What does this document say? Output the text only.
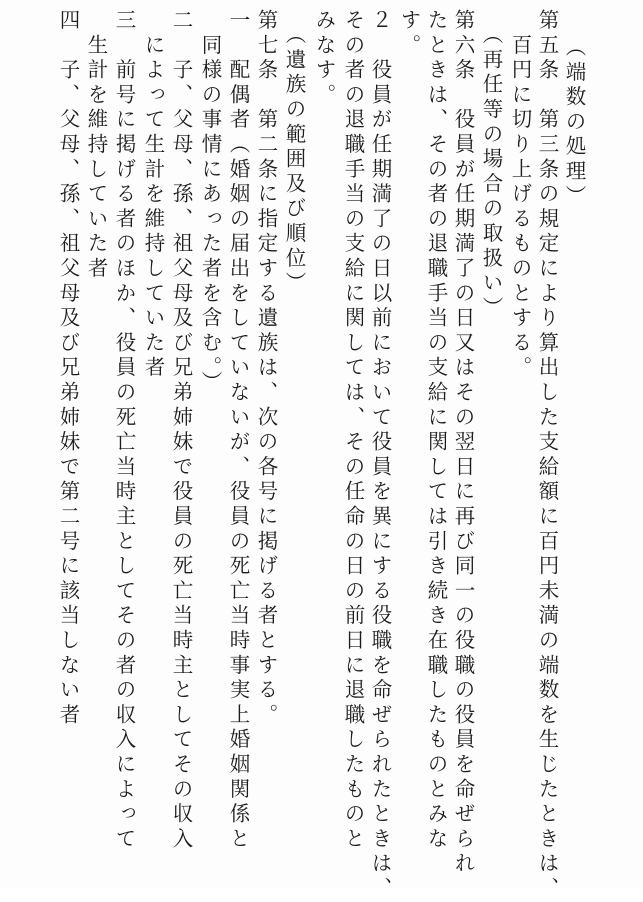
（端数の処理）
第五条　第三条の規定により算出した支給額に百円未満の端数を生じたときは、
　百円に切り上げるものとする。
　（再任等の場合の取扱い）
第六条　役員が任期満了の日又はその翌日に再び同一の役職の役員を命ぜられ
たときは、その者の退職手当の支給に関しては引き続き在職したものとみな
す。
２　役員が任期満了の日以前において役員を異にする役職を命ぜられたときは、
その者の退職手当の支給に関しては、その任命の日の前日に退職したものと
みなす。
　（遺族の範囲及び順位）
第七条　第二条に指定する遺族は、次の各号に掲げる者とする。
一　配偶者（婚姻の届出をしていないが、役員の死亡当時事実上婚姻関係と
　同様の事情にあった者を含む。）
二　子、父母、孫、祖父母及び兄弟姉妹で役員の死亡当時主としてその収入
　によって生計を維持していた者
三　前号に掲げる者のほか、役員の死亡当時主としてその者の収入によって
　生計を維持していた者
四　子、父母、孫、祖父母及び兄弟姉妹で第二号に該当しない者
